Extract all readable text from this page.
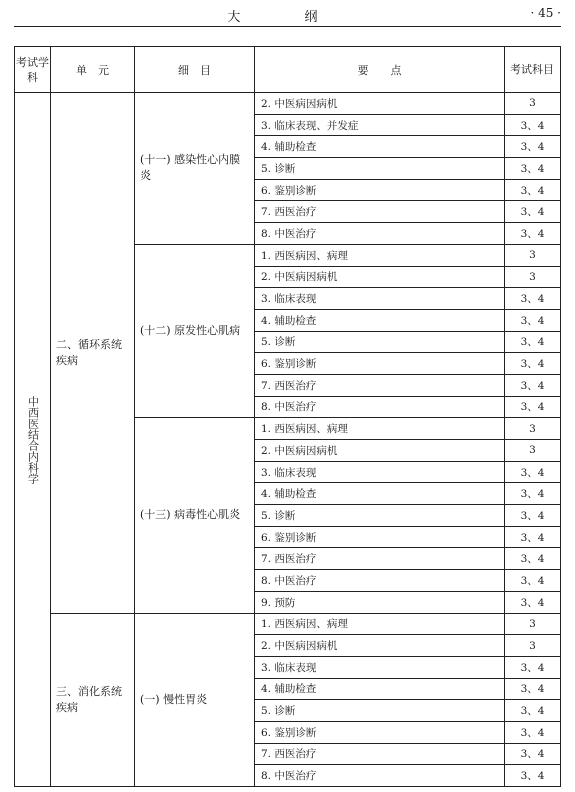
大 纲	· 45 ·
考试学科	单　元	细　目	要　　点	考试科目

中西医结合内科学	二、循环系统疾病	(十一) 感染性心内膜炎	2. 中医病因病机	3
			3. 临床表现、并发症	3、4
			4. 辅助检查	3、4
			5. 诊断	3、4
			6. 鉴别诊断	3、4
			7. 西医治疗	3、4
			8. 中医治疗	3、4
		(十二) 原发性心肌病	1. 西医病因、病理	3
			2. 中医病因病机	3
			3. 临床表现	3、4
			4. 辅助检查	3、4
			5. 诊断	3、4
			6. 鉴别诊断	3、4
			7. 西医治疗	3、4
			8. 中医治疗	3、4
		(十三) 病毒性心肌炎	1. 西医病因、病理	3
			2. 中医病因病机	3
			3. 临床表现	3、4
			4. 辅助检查	3、4
			5. 诊断	3、4
			6. 鉴别诊断	3、4
			7. 西医治疗	3、4
			8. 中医治疗	3、4
			9. 预防	3、4
	三、消化系统疾病	(一) 慢性胃炎	1. 西医病因、病理	3
			2. 中医病因病机	3
			3. 临床表现	3、4
			4. 辅助检查	3、4
			5. 诊断	3、4
			6. 鉴别诊断	3、4
			7. 西医治疗	3、4
			8. 中医治疗	3、4
